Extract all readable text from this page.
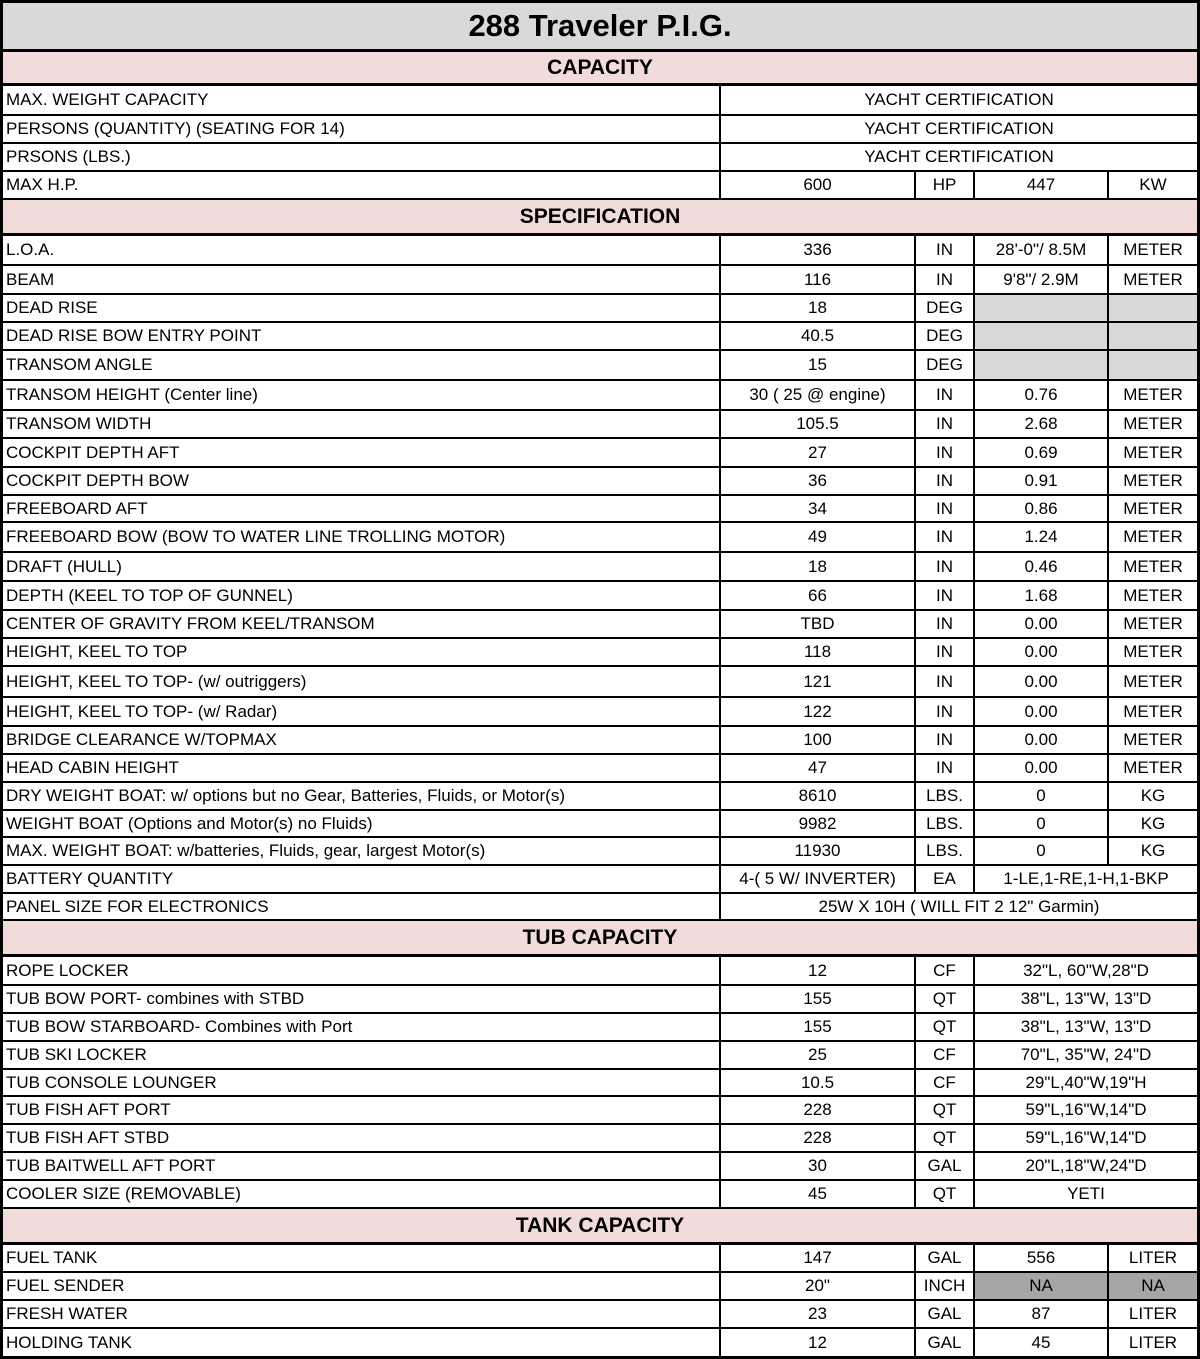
288 Traveler P.I.G.
CAPACITY
MAX. WEIGHT CAPACITY	YACHT CERTIFICATION
PERSONS (QUANTITY) (SEATING FOR 14)	YACHT CERTIFICATION
PRSONS (LBS.)	YACHT CERTIFICATION
MAX H.P.	600	HP	447	KW
SPECIFICATION
L.O.A.	336	IN	28'-0"/ 8.5M	METER
BEAM	116	IN	9'8"/ 2.9M	METER
DEAD RISE	18	DEG
DEAD RISE BOW ENTRY POINT	40.5	DEG
TRANSOM ANGLE	15	DEG
TRANSOM HEIGHT (Center line)	30 ( 25 @ engine)	IN	0.76	METER
TRANSOM WIDTH	105.5	IN	2.68	METER
COCKPIT DEPTH AFT	27	IN	0.69	METER
COCKPIT DEPTH BOW	36	IN	0.91	METER
FREEBOARD AFT	34	IN	0.86	METER
FREEBOARD BOW (BOW TO WATER LINE TROLLING MOTOR)	49	IN	1.24	METER
DRAFT (HULL)	18	IN	0.46	METER
DEPTH (KEEL TO TOP OF GUNNEL)	66	IN	1.68	METER
CENTER OF GRAVITY FROM KEEL/TRANSOM	TBD	IN	0.00	METER
HEIGHT, KEEL TO TOP	118	IN	0.00	METER
HEIGHT, KEEL TO TOP- (w/ outriggers)	121	IN	0.00	METER
HEIGHT, KEEL TO TOP- (w/ Radar)	122	IN	0.00	METER
BRIDGE CLEARANCE W/TOPMAX	100	IN	0.00	METER
HEAD CABIN HEIGHT	47	IN	0.00	METER
DRY WEIGHT BOAT: w/ options but no Gear, Batteries, Fluids, or Motor(s)	8610	LBS.	0	KG
WEIGHT BOAT (Options and Motor(s) no Fluids)	9982	LBS.	0	KG
MAX. WEIGHT BOAT: w/batteries, Fluids, gear, largest Motor(s)	11930	LBS.	0	KG
BATTERY QUANTITY	4-( 5 W/ INVERTER)	EA	1-LE,1-RE,1-H,1-BKP
PANEL SIZE FOR ELECTRONICS	25W X 10H ( WILL FIT 2 12" Garmin)
TUB CAPACITY
ROPE LOCKER	12	CF	32"L, 60"W,28"D
TUB BOW PORT- combines with STBD	155	QT	38"L, 13"W, 13"D
TUB BOW STARBOARD- Combines with Port	155	QT	38"L, 13"W, 13"D
TUB SKI LOCKER	25	CF	70"L, 35"W, 24"D
TUB CONSOLE LOUNGER	10.5	CF	29"L,40"W,19"H
TUB FISH AFT PORT	228	QT	59"L,16"W,14"D
TUB FISH AFT STBD	228	QT	59"L,16"W,14"D
TUB BAITWELL AFT PORT	30	GAL	20"L,18"W,24"D
COOLER SIZE (REMOVABLE)	45	QT	YETI
TANK CAPACITY
FUEL TANK	147	GAL	556	LITER
FUEL SENDER	20"	INCH	NA	NA
FRESH WATER	23	GAL	87	LITER
HOLDING TANK	12	GAL	45	LITER
